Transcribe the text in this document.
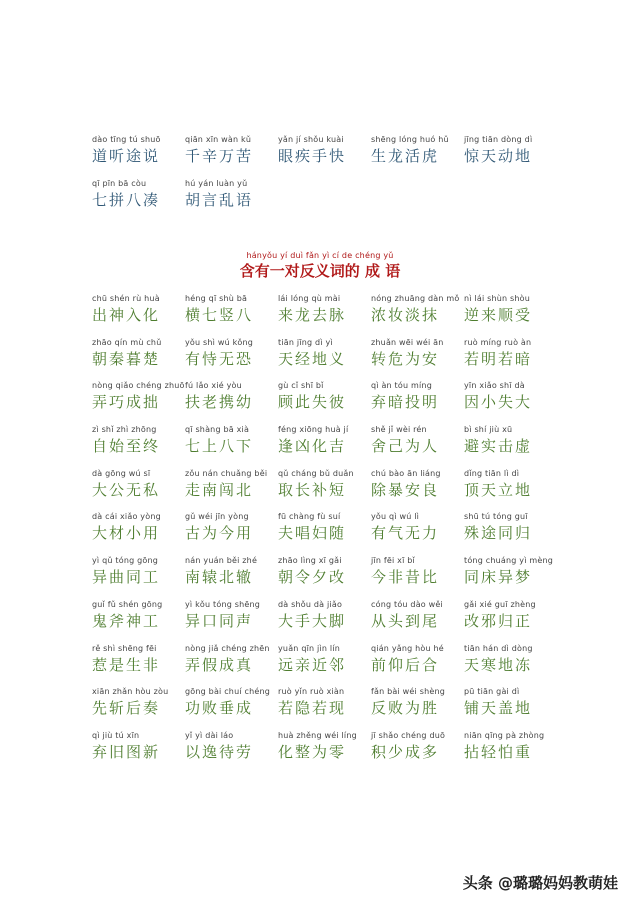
dào tīng tú shuō
道听途说
qiān xīn wàn kǔ
千辛万苦
yǎn jí shǒu kuài
眼疾手快
shēng lóng huó hǔ
生龙活虎
jīng tiān dòng dì
惊天动地
qī pīn bā còu
七拼八凑
hú yán luàn yǔ
胡言乱语
hányǒu yí duì fǎn yì cí de chéng yǔ
含有一对反义词的 成 语
chū shén rù huà
出神入化
héng qī shù bā
横七竖八
lái lóng qù mài
来龙去脉
nóng zhuāng dàn mǒ
浓妆淡抹
nì lái shùn shòu
逆来顺受
zhāo qín mù chǔ
朝秦暮楚
yǒu shì wú kǒng
有恃无恐
tiān jīng dì yì
天经地义
zhuǎn wēi wéi ān
转危为安
ruò míng ruò àn
若明若暗
nòng qiǎo chéng zhuō
弄巧成拙
fú lǎo xié yòu
扶老携幼
gù cǐ shī bǐ
顾此失彼
qì àn tóu míng
弃暗投明
yīn xiǎo shī dà
因小失大
zì shǐ zhì zhōng
自始至终
qī shàng bā xià
七上八下
féng xiōng huà jí
逢凶化吉
shě jǐ wèi rén
舍己为人
bì shí jiù xū
避实击虚
dà gōng wú sī
大公无私
zǒu nán chuǎng běi
走南闯北
qǔ cháng bǔ duǎn
取长补短
chú bào ān liáng
除暴安良
dǐng tiān lì dì
顶天立地
dà cái xiǎo yòng
大材小用
gǔ wéi jīn yòng
古为今用
fū chàng fù suí
夫唱妇随
yǒu qì wú lì
有气无力
shū tú tóng guī
殊途同归
yì qǔ tóng gōng
异曲同工
nán yuán běi zhé
南辕北辙
zhāo lìng xī gǎi
朝令夕改
jīn fēi xī bǐ
今非昔比
tóng chuáng yì mèng
同床异梦
guǐ fǔ shén gōng
鬼斧神工
yì kǒu tóng shēng
异口同声
dà shǒu dà jiǎo
大手大脚
cóng tóu dào wěi
从头到尾
gǎi xié guī zhèng
改邪归正
rě shì shēng fēi
惹是生非
nòng jiǎ chéng zhēn
弄假成真
yuǎn qīn jìn lín
远亲近邻
qián yǎng hòu hé
前仰后合
tiān hán dì dòng
天寒地冻
xiān zhǎn hòu zòu
先斩后奏
gōng bài chuí chéng
功败垂成
ruò yǐn ruò xiàn
若隐若现
fǎn bài wéi shèng
反败为胜
pū tiān gài dì
铺天盖地
qì jiù tú xīn
弃旧图新
yǐ yì dài láo
以逸待劳
huà zhěng wéi líng
化整为零
jī shǎo chéng duō
积少成多
niān qīng pà zhòng
拈轻怕重
头条 @璐璐妈妈教萌娃
